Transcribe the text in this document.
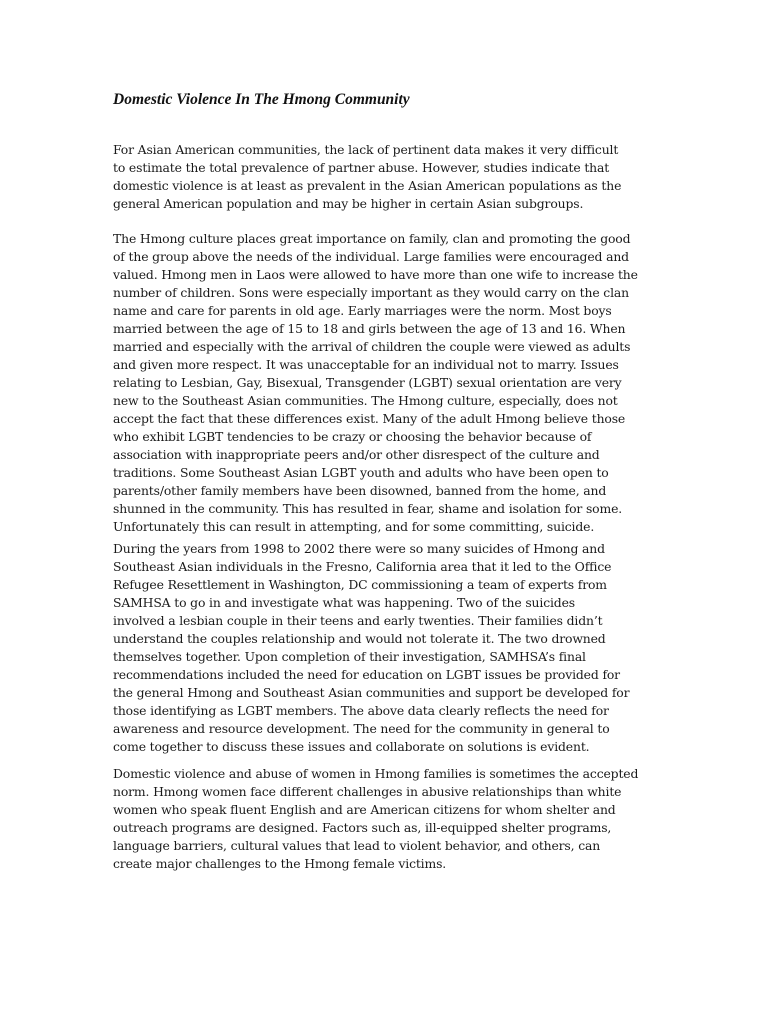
Domestic Violence In The Hmong Community

For Asian American communities, the lack of pertinent data makes it very difficult
to estimate the total prevalence of partner abuse. However, studies indicate that
domestic violence is at least as prevalent in the Asian American populations as the
general American population and may be higher in certain Asian subgroups.

The Hmong culture places great importance on family, clan and promoting the good
of the group above the needs of the individual. Large families were encouraged and
valued. Hmong men in Laos were allowed to have more than one wife to increase the
number of children. Sons were especially important as they would carry on the clan
name and care for parents in old age. Early marriages were the norm. Most boys
married between the age of 15 to 18 and girls between the age of 13 and 16. When
married and especially with the arrival of children the couple were viewed as adults
and given more respect. It was unacceptable for an individual not to marry. Issues
relating to Lesbian, Gay, Bisexual, Transgender (LGBT) sexual orientation are very
new to the Southeast Asian communities. The Hmong culture, especially, does not
accept the fact that these differences exist. Many of the adult Hmong believe those
who exhibit LGBT tendencies to be crazy or choosing the behavior because of
association with inappropriate peers and/or other disrespect of the culture and
traditions. Some Southeast Asian LGBT youth and adults who have been open to
parents/other family members have been disowned, banned from the home, and
shunned in the community. This has resulted in fear, shame and isolation for some.
Unfortunately this can result in attempting, and for some committing, suicide.

During the years from 1998 to 2002 there were so many suicides of Hmong and
Southeast Asian individuals in the Fresno, California area that it led to the Office
Refugee Resettlement in Washington, DC commissioning a team of experts from
SAMHSA to go in and investigate what was happening. Two of the suicides
involved a lesbian couple in their teens and early twenties. Their families didn’t
understand the couples relationship and would not tolerate it. The two drowned
themselves together. Upon completion of their investigation, SAMHSA’s final
recommendations included the need for education on LGBT issues be provided for
the general Hmong and Southeast Asian communities and support be developed for
those identifying as LGBT members. The above data clearly reflects the need for
awareness and resource development. The need for the community in general to
come together to discuss these issues and collaborate on solutions is evident.

Domestic violence and abuse of women in Hmong families is sometimes the accepted
norm. Hmong women face different challenges in abusive relationships than white
women who speak fluent English and are American citizens for whom shelter and
outreach programs are designed. Factors such as, ill-equipped shelter programs,
language barriers, cultural values that lead to violent behavior, and others, can
create major challenges to the Hmong female victims.
